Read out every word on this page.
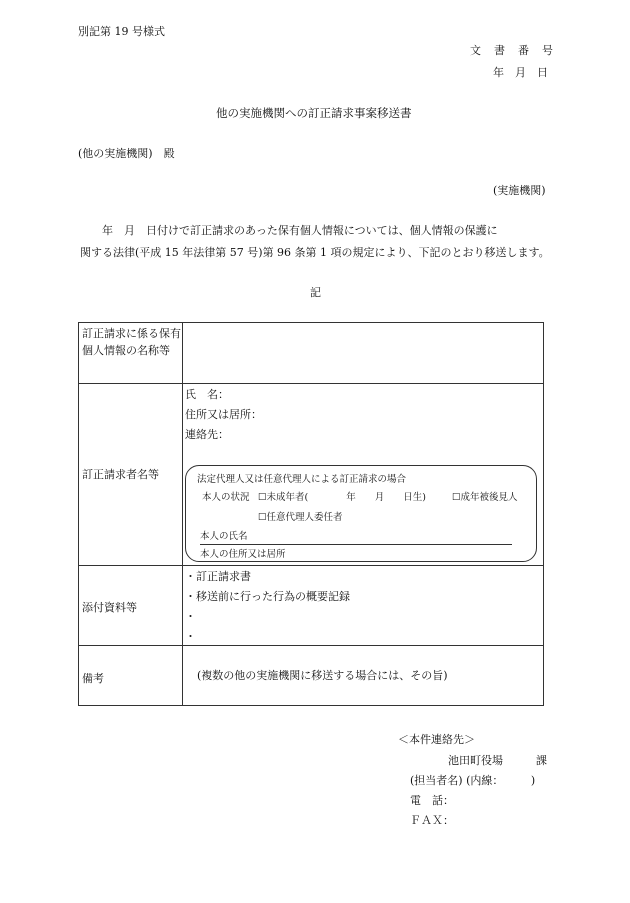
別記第 19 号様式
文　書　番　号
年　月　日
他の実施機関への訂正請求事案移送書
(他の実施機関)　殿
(実施機関)
　　年　月　日付けで訂正請求のあった保有個人情報については、個人情報の保護に
関する法律(平成 15 年法律第 57 号)第 96 条第 1 項の規定により、下記のとおり移送します。
記
訂正請求に係る保有個人情報の名称等
訂正請求者名等
氏　名：
住所又は居所：
連絡先：
法定代理人又は任意代理人による訂正請求の場合
本人の状況 ☐未成年者(　　　　年　　月　　日生)	☐成年被後見人
☐任意代理人委任者
本人の氏名
本人の住所又は居所
添付資料等
・訂正請求書
・移送前に行った行為の概要記録
・
・
備考	(複数の他の実施機関に移送する場合には、その旨)
＜本件連絡先＞
池田町役場　　　課
(担当者名) (内線：　　　)
電　話：
ＦＡＸ：
